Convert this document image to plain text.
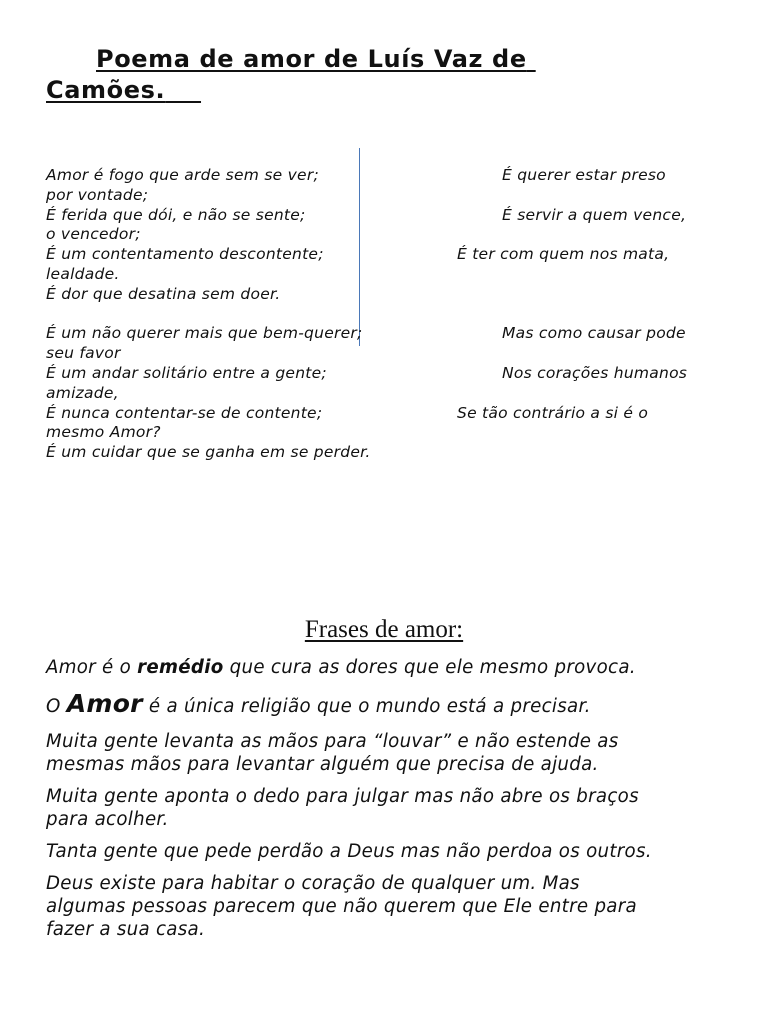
Poema de amor de Luís Vaz de
Camões.
Amor é fogo que arde sem se ver;	É querer estar preso
por vontade;
É ferida que dói, e não se sente;	É servir a quem vence,
o vencedor;
É um contentamento descontente;	É ter com quem nos mata,
lealdade.
É dor que desatina sem doer.
É um não querer mais que bem-querer;	Mas como causar pode
seu favor
É um andar solitário entre a gente;	Nos corações humanos
amizade,
É nunca contentar-se de contente;	Se tão contrário a si é o
mesmo Amor?
É um cuidar que se ganha em se perder.
Frases de amor:

Amor é o remédio que cura as dores que ele mesmo provoca.

O Amor é a única religião que o mundo está a precisar.

Muita gente levanta as mãos para “louvar” e não estende as
mesmas mãos para levantar alguém que precisa de ajuda.

Muita gente aponta o dedo para julgar mas não abre os braços
para acolher.

Tanta gente que pede perdão a Deus mas não perdoa os outros.

Deus existe para habitar o coração de qualquer um. Mas
algumas pessoas parecem que não querem que Ele entre para
fazer a sua casa.
